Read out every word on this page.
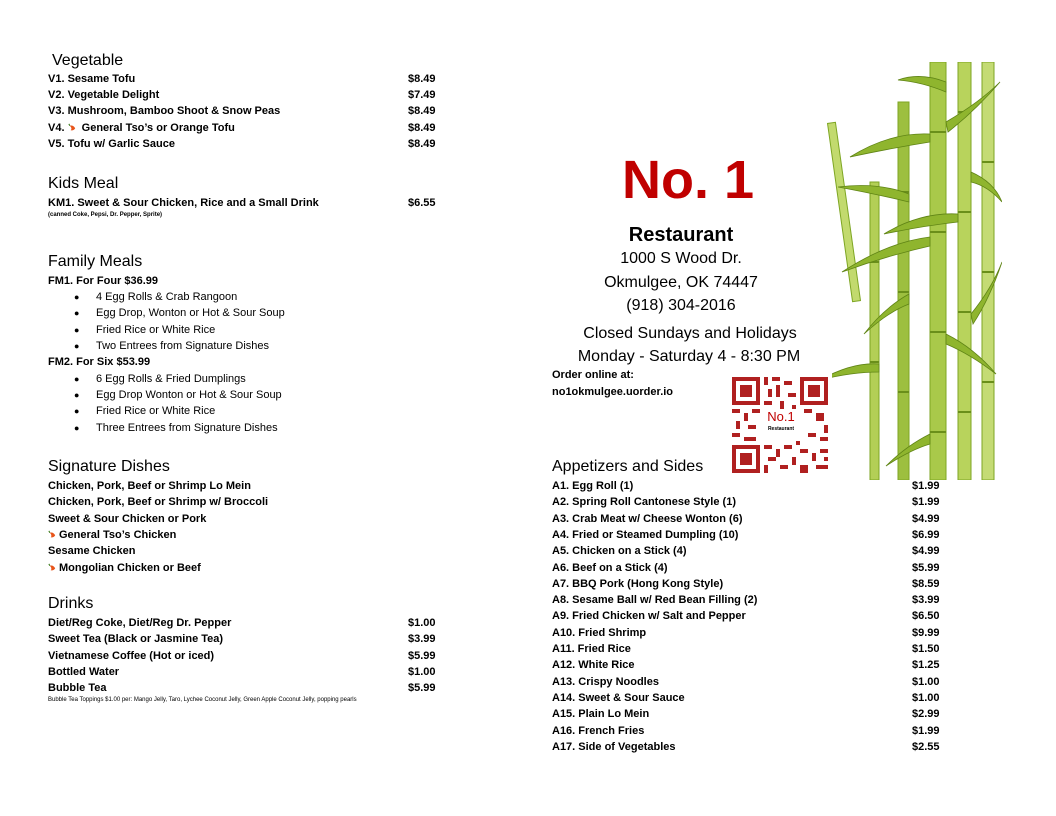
Vegetable
V1. Sesame Tofu	$8.49
V2. Vegetable Delight	$7.49
V3. Mushroom, Bamboo Shoot & Snow Peas	$8.49
V4. General Tso’s or Orange Tofu	$8.49
V5. Tofu w/ Garlic Sauce	$8.49
Kids Meal
KM1. Sweet & Sour Chicken, Rice and a Small Drink	$6.55
(canned Coke, Pepsi, Dr. Pepper, Sprite)
Family Meals
FM1. For Four $36.99
● 4 Egg Rolls & Crab Rangoon
● Egg Drop, Wonton or Hot & Sour Soup
● Fried Rice or White Rice
● Two Entrees from Signature Dishes
FM2. For Six $53.99
● 6 Egg Rolls & Fried Dumplings
● Egg Drop Wonton or Hot & Sour Soup
● Fried Rice or White Rice
● Three Entrees from Signature Dishes
Signature Dishes
Chicken, Pork, Beef or Shrimp Lo Mein
Chicken, Pork, Beef or Shrimp w/ Broccoli
Sweet & Sour Chicken or Pork
General Tso’s Chicken
Sesame Chicken
Mongolian Chicken or Beef
Drinks
Diet/Reg Coke, Diet/Reg Dr. Pepper	$1.00
Sweet Tea (Black or Jasmine Tea)	$3.99
Vietnamese Coffee (Hot or iced)	$5.99
Bottled Water	$1.00
Bubble Tea	$5.99
Bubble Tea Toppings $1.00 per: Mango Jelly, Taro, Lychee Coconut Jelly, Green Apple Coconut Jelly, popping pearls
No. 1
Restaurant
1000 S Wood Dr.
Okmulgee, OK 74447
(918) 304-2016
Closed Sundays and Holidays
Monday - Saturday 4 - 8:30 PM
Order online at:
no1okmulgee.uorder.io
No.1
Restaurant
Appetizers and Sides
A1. Egg Roll (1)	$1.99
A2. Spring Roll Cantonese Style (1)	$1.99
A3. Crab Meat w/ Cheese Wonton (6)	$4.99
A4. Fried or Steamed Dumpling (10)	$6.99
A5. Chicken on a Stick (4)	$4.99
A6. Beef on a Stick (4)	$5.99
A7. BBQ Pork (Hong Kong Style)	$8.59
A8. Sesame Ball w/ Red Bean Filling (2)	$3.99
A9. Fried Chicken w/ Salt and Pepper	$6.50
A10. Fried Shrimp	$9.99
A11. Fried Rice	$1.50
A12. White Rice	$1.25
A13. Crispy Noodles	$1.00
A14. Sweet & Sour Sauce	$1.00
A15. Plain Lo Mein	$2.99
A16. French Fries	$1.99
A17. Side of Vegetables	$2.55
